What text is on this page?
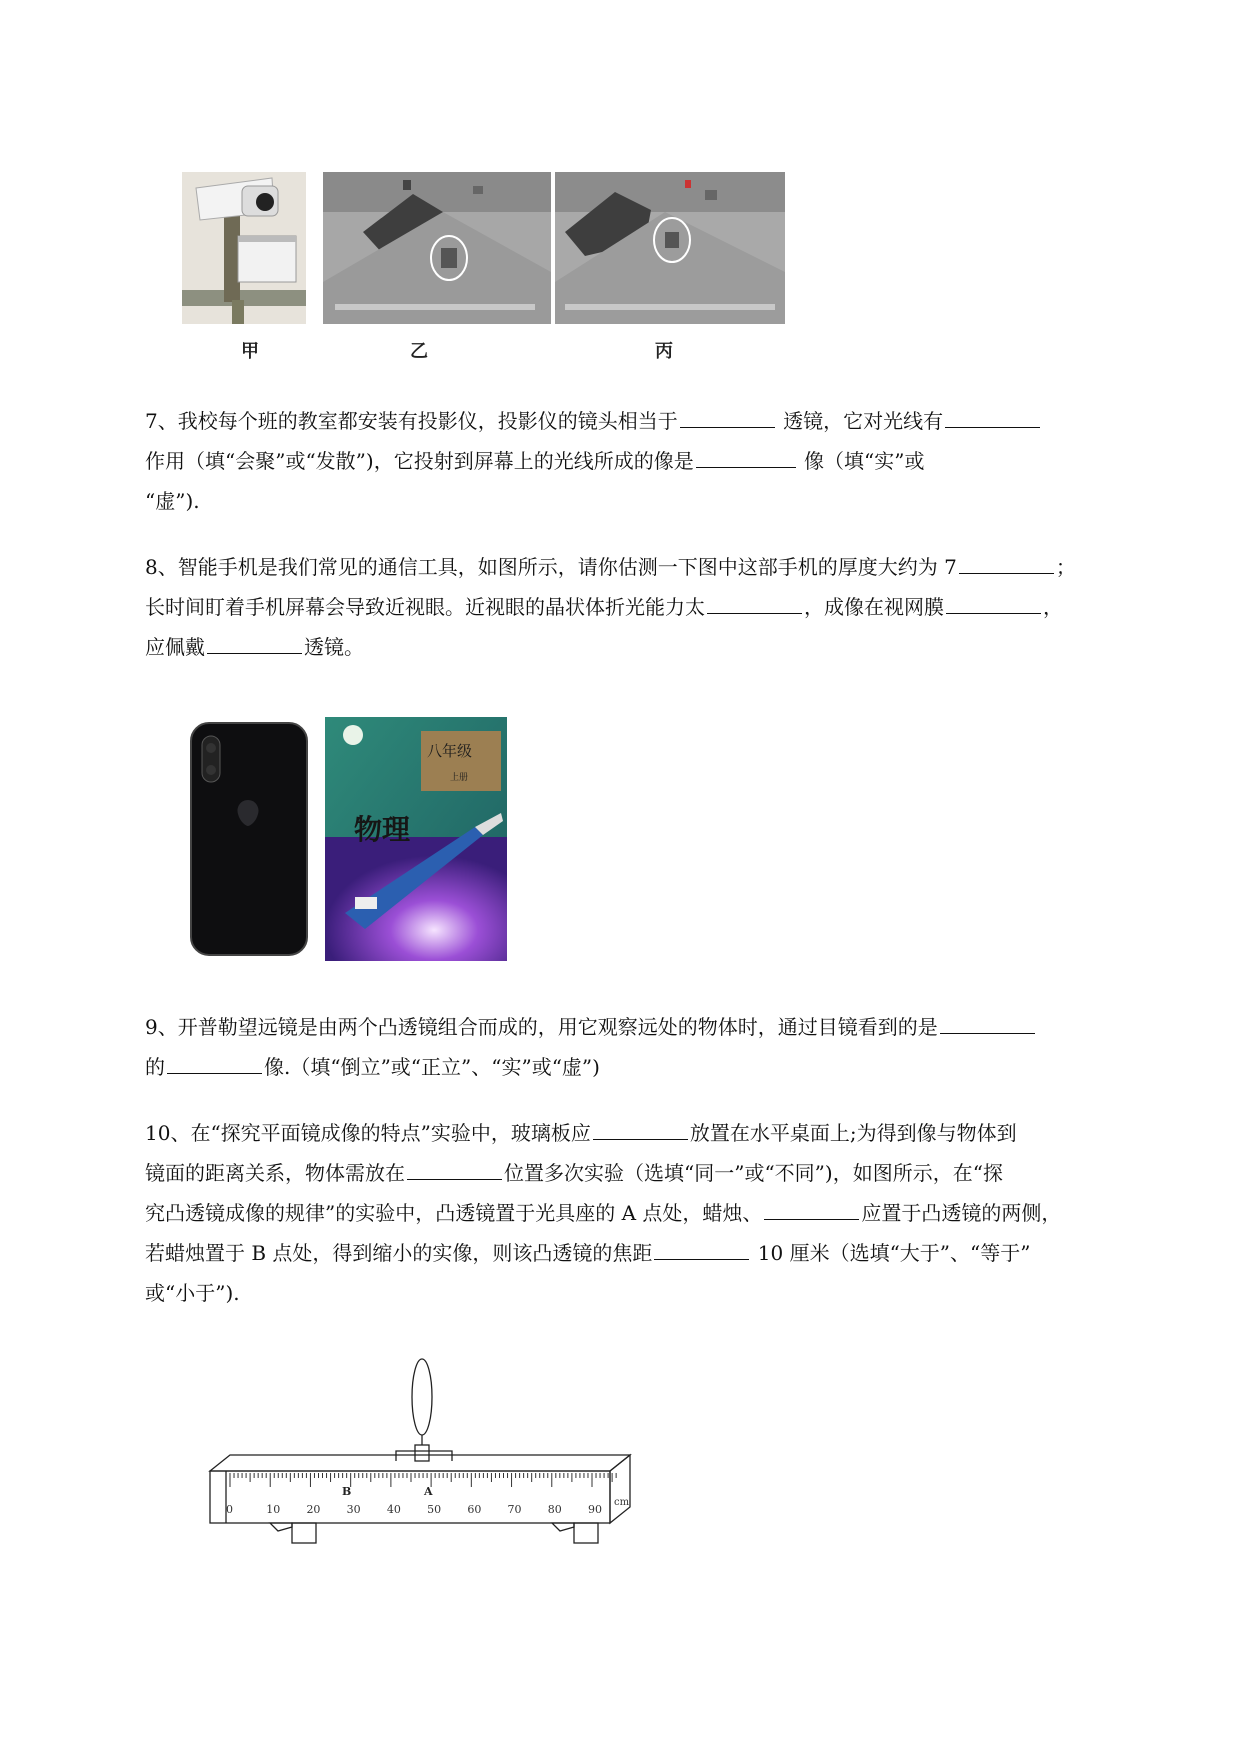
甲	乙	丙
7、我校每个班的教室都安装有投影仪，投影仪的镜头相当于	透镜，它对光线有
作用（填“会聚”或“发散”)，它投射到屏幕上的光线所成的像是	像（填“实”或
“虚”).
8、智能手机是我们常见的通信工具，如图所示，请你估测一下图中这部手机的厚度大约为 7	；
长时间盯着手机屏幕会导致近视眼。近视眼的晶状体折光能力太	，成像在视网膜	，
应佩戴	透镜。
八年级
上册
物理
9、开普勒望远镜是由两个凸透镜组合而成的，用它观察远处的物体时，通过目镜看到的是
的	像.（填“倒立”或“正立”、“实”或“虚”)
10、在“探究平面镜成像的特点”实验中，玻璃板应	放置在水平桌面上;为得到像与物体到
镜面的距离关系，物体需放在	位置多次实验（选填“同一”或“不同”)，如图所示，在“探
究凸透镜成像的规律”的实验中，凸透镜置于光具座的 A 点处，蜡烛、	应置于凸透镜的两侧，
若蜡烛置于 B 点处，得到缩小的实像，则该凸透镜的焦距	10 厘米（选填“大于”、“等于”
或“小于”).
0	10 20 30 40 50 60 70 80 90
B	A
cm
